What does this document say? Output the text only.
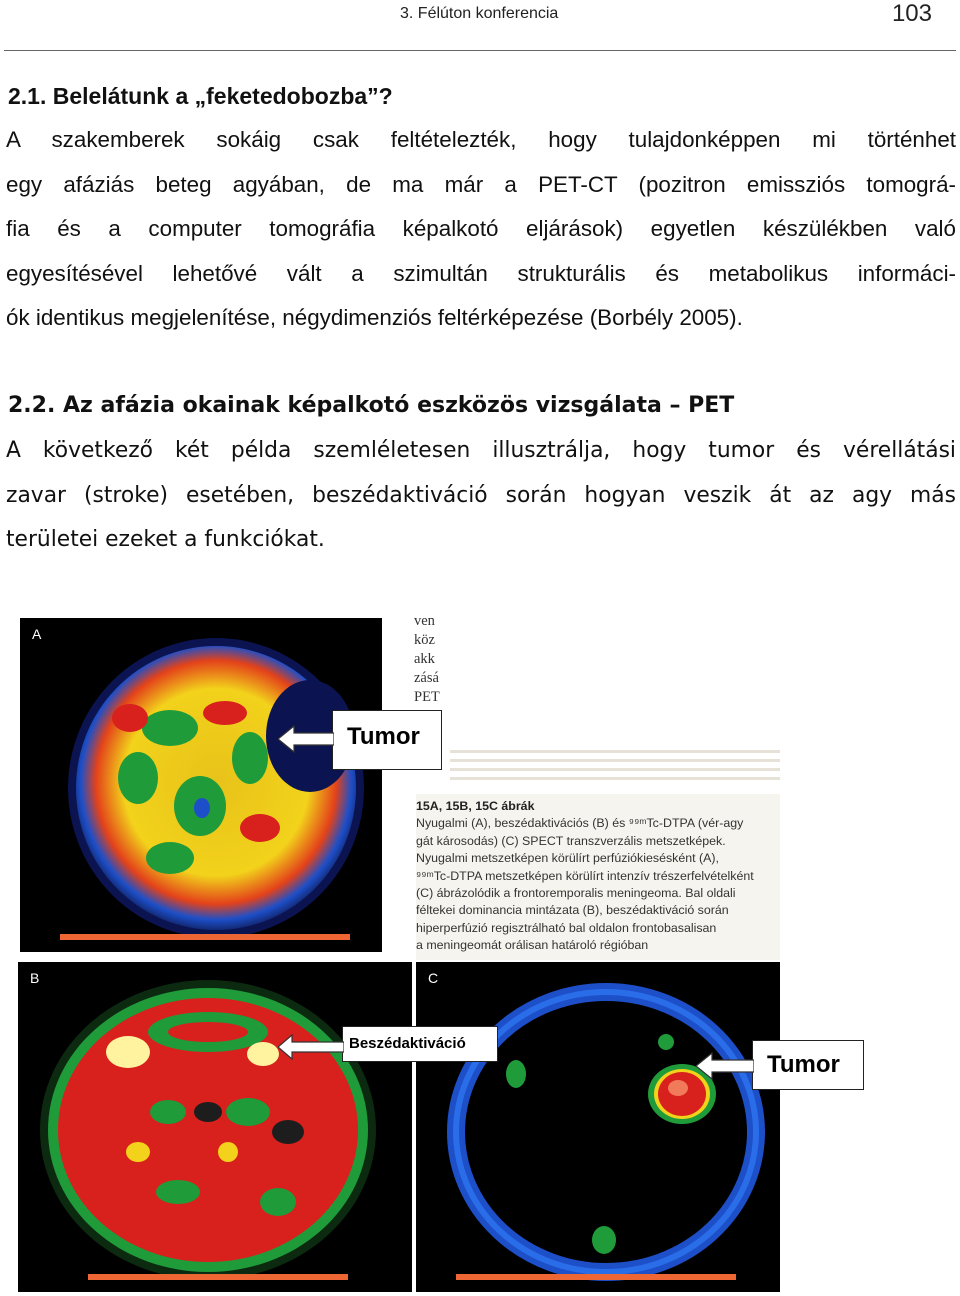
3. Félúton konferencia	103
2.1. Belelátunk a „feketedobozba”?
A szakemberek sokáig csak feltételezték, hogy tulajdonképpen mi történhet
egy afáziás beteg agyában, de ma már a PET-CT (pozitron emissziós tomográ-
fia és a computer tomográfia képalkotó eljárások) egyetlen készülékben való
egyesítésével lehetővé vált a szimultán strukturális és metabolikus informáci-
ók identikus megjelenítése, négydimenziós feltérképezése (Borbély 2005).
2.2. Az afázia okainak képalkotó eszközös vizsgálata – PET
A következő két példa szemléletesen illusztrálja, hogy tumor és vérellátási
zavar (stroke) esetében, beszédaktiváció során hogyan veszik át az agy más
területei ezeket a funkciókat.
A
ven
köz
akk
zásá
PET
15A, 15B, 15C ábrák
Nyugalmi (A), beszédaktivációs (B) és ⁹⁹ᵐTc-DTPA (vér-agy
gát károsodás) (C) SPECT transzverzális metszetképek.
Nyugalmi metszetképen körülírt perfúziókiesésként (A),
⁹⁹ᵐTc-DTPA metszetképen körülírt intenzív trészerfelvételként
(C) ábrázolódik a frontoremporalis meningeoma. Bal oldali
féltekei dominancia mintázata (B), beszédaktiváció során
hiperperfúzió regisztrálható bal oldalon frontobasalisan
a meningeomát orálisan határoló régióban
B	C
Tumor
Beszédaktiváció
Tumor
